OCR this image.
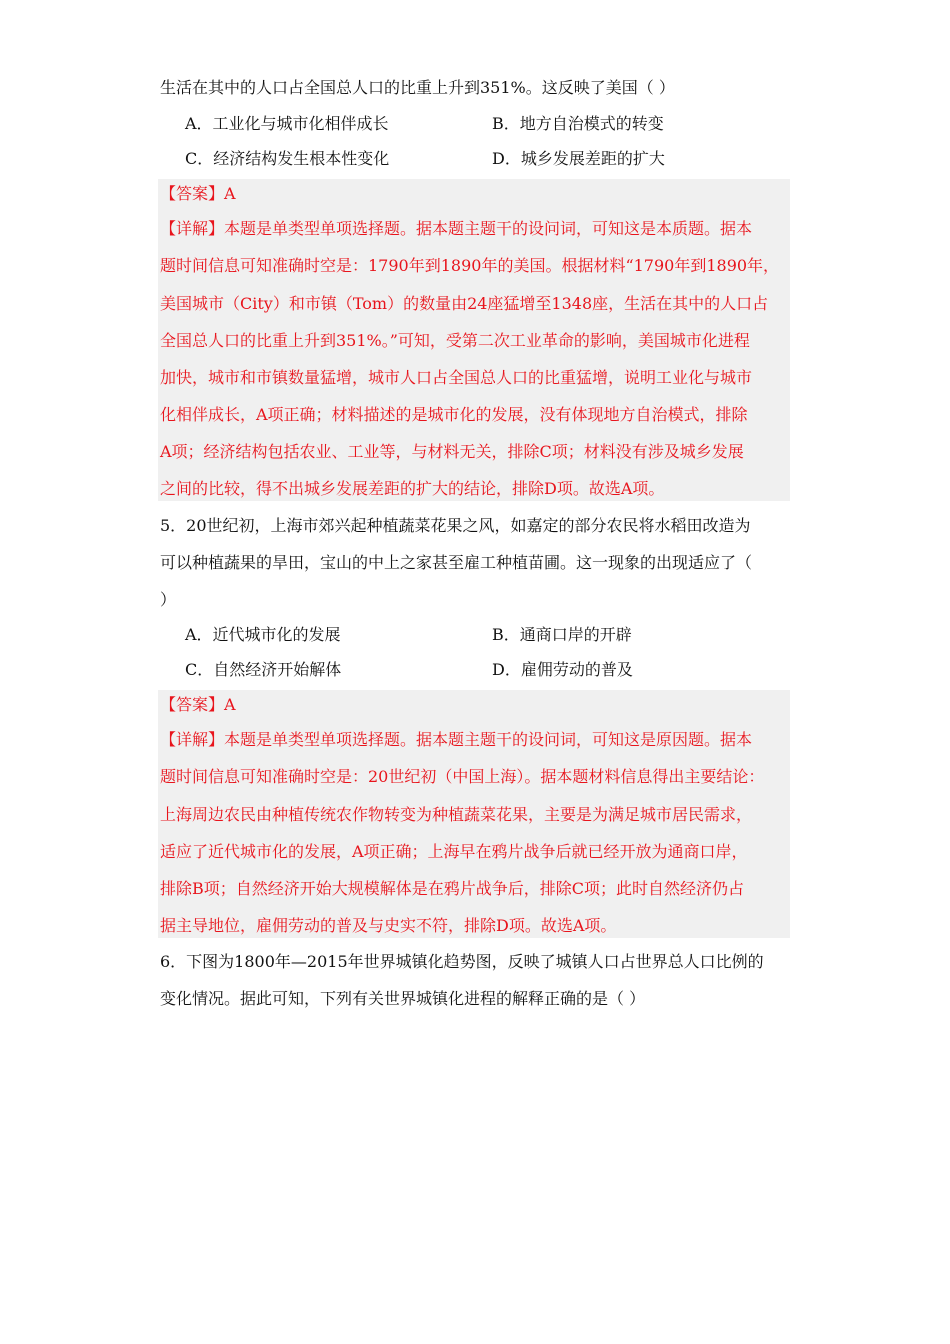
生活在其中的人口占全国总人口的比重上升到351%。这反映了美国（ ）
A．工业化与城市化相伴成长	B．地方自治模式的转变
C．经济结构发生根本性变化	D．城乡发展差距的扩大
【答案】A
【详解】本题是单类型单项选择题。据本题主题干的设问词，可知这是本质题。据本
题时间信息可知准确时空是：1790年到1890年的美国。根据材料“1790年到1890年，
美国城市（City）和市镇（Tom）的数量由24座猛增至1348座，生活在其中的人口占
全国总人口的比重上升到351%。”可知，受第二次工业革命的影响，美国城市化进程
加快，城市和市镇数量猛增，城市人口占全国总人口的比重猛增，说明工业化与城市
化相伴成长，A项正确；材料描述的是城市化的发展，没有体现地方自治模式，排除
A项；经济结构包括农业、工业等，与材料无关，排除C项；材料没有涉及城乡发展
之间的比较，得不出城乡发展差距的扩大的结论，排除D项。故选A项。
5．20世纪初，上海市郊兴起种植蔬菜花果之风，如嘉定的部分农民将水稻田改造为
可以种植蔬果的旱田，宝山的中上之家甚至雇工种植苗圃。这一现象的出现适应了（
）
A．近代城市化的发展	B．通商口岸的开辟
C．自然经济开始解体	D．雇佣劳动的普及
【答案】A
【详解】本题是单类型单项选择题。据本题主题干的设问词，可知这是原因题。据本
题时间信息可知准确时空是：20世纪初（中国上海）。据本题材料信息得出主要结论：
上海周边农民由种植传统农作物转变为种植蔬菜花果，主要是为满足城市居民需求，
适应了近代城市化的发展，A项正确；上海早在鸦片战争后就已经开放为通商口岸，
排除B项；自然经济开始大规模解体是在鸦片战争后，排除C项；此时自然经济仍占
据主导地位，雇佣劳动的普及与史实不符，排除D项。故选A项。
6．下图为1800年—2015年世界城镇化趋势图，反映了城镇人口占世界总人口比例的
变化情况。据此可知，下列有关世界城镇化进程的解释正确的是（ ）
